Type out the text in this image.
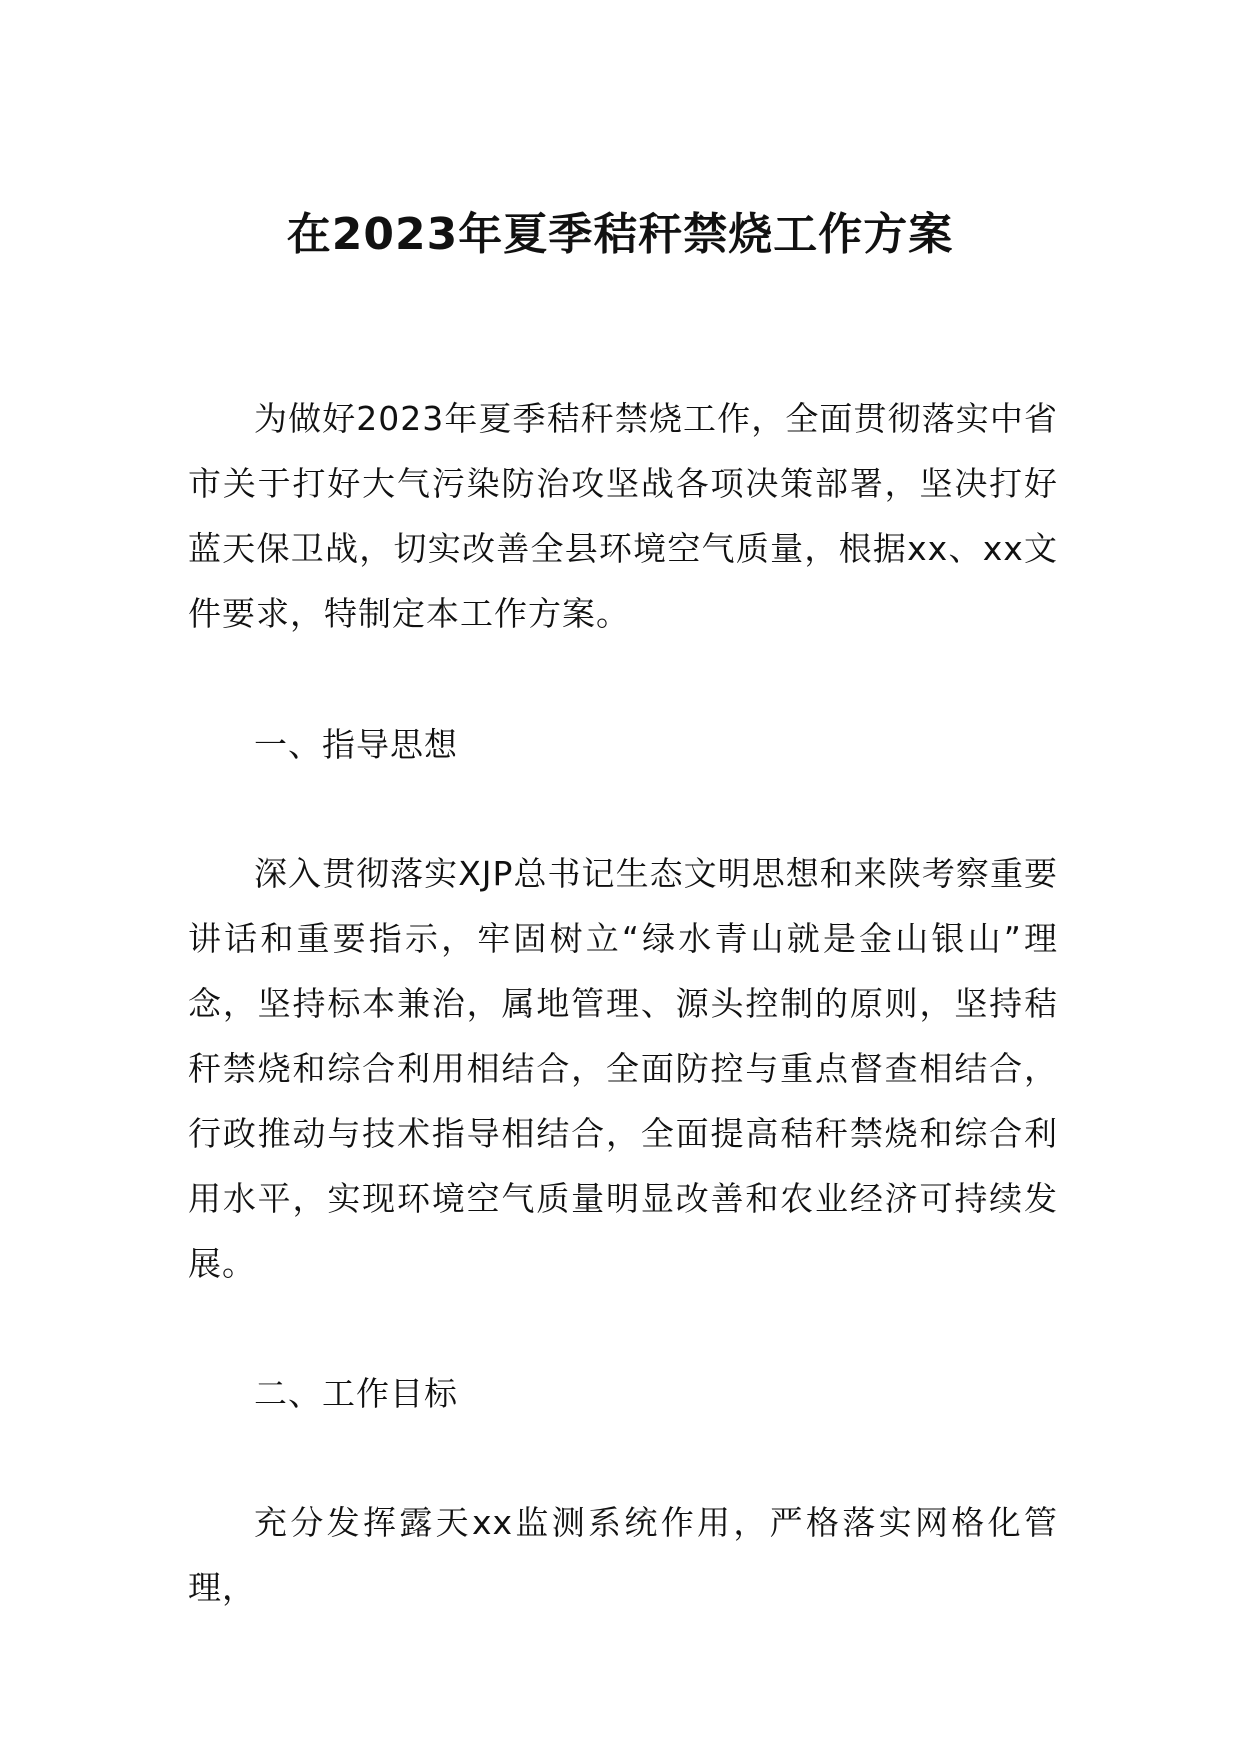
在2023年夏季秸秆禁烧工作方案

为做好2023年夏季秸秆禁烧工作，全面贯彻落实中省市关于打好大气污染防治攻坚战各项决策部署，坚决打好蓝天保卫战，切实改善全县环境空气质量，根据xx、xx文件要求，特制定本工作方案。

一、指导思想

深入贯彻落实XJP总书记生态文明思想和来陕考察重要讲话和重要指示，牢固树立“绿水青山就是金山银山”理念，坚持标本兼治，属地管理、源头控制的原则，坚持秸秆禁烧和综合利用相结合，全面防控与重点督查相结合，行政推动与技术指导相结合，全面提高秸秆禁烧和综合利用水平，实现环境空气质量明显改善和农业经济可持续发展。

二、工作目标

充分发挥露天xx监测系统作用，严格落实网格化管理，
